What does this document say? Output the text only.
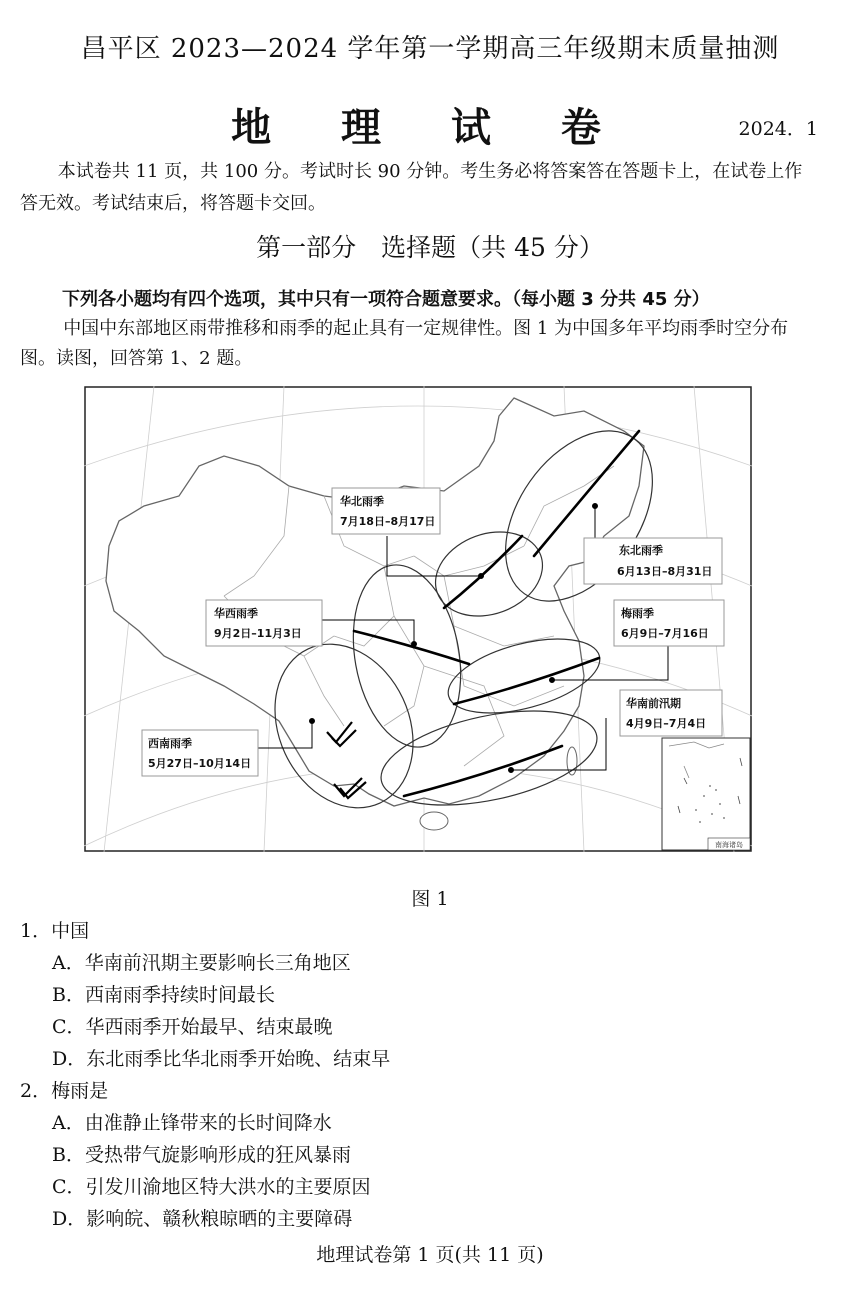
昌平区 2023—2024 学年第一学期高三年级期末质量抽测
地 理 试 卷	2024．1
本试卷共 11 页，共 100 分。考试时长 90 分钟。考生务必将答案答在答题卡上，在试卷上作答无效。考试结束后，将答题卡交回。
第一部分　选择题（共 45 分）
下列各小题均有四个选项，其中只有一项符合题意要求。（每小题 3 分共 45 分）
中国中东部地区雨带推移和雨季的起止具有一定规律性。图 1 为中国多年平均雨季时空分布图。读图，回答第 1、2 题。
南海诸岛
华北雨季
7月18日–8月17日
东北雨季
6月13日–8月31日
华西雨季
9月2日–11月3日
梅雨季
6月9日–7月16日
华南前汛期
4月9日–7月4日
西南雨季
5月27日–10月14日
图 1
1．中国
A．华南前汛期主要影响长三角地区
B．西南雨季持续时间最长
C．华西雨季开始最早、结束最晚
D．东北雨季比华北雨季开始晚、结束早
2．梅雨是
A．由准静止锋带来的长时间降水
B．受热带气旋影响形成的狂风暴雨
C．引发川渝地区特大洪水的主要原因
D．影响皖、赣秋粮晾晒的主要障碍
地理试卷第 1 页(共 11 页)
